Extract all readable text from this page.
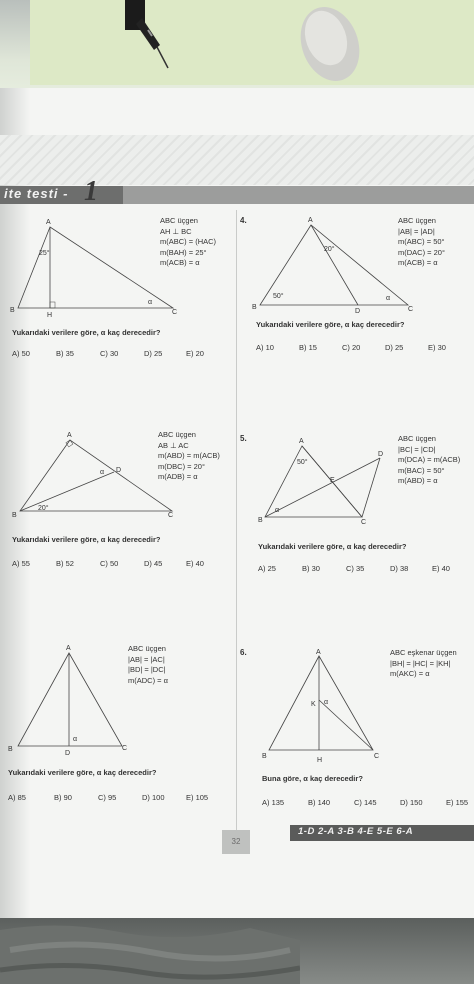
ite testi - 1
A
B	C
H
25°
α
ABC üçgen
AH ⊥ BC
m(ABC) = (HAC)
m(BAH) = 25°
m(ACB) = α
Yukarıdaki verilere göre, α kaç derecedir?
A) 50	B) 35	C) 30	D) 25	E) 20
4.	A
B	C
D
20°
50°	α
ABC üçgen
|AB| = |AD|
m(ABC) = 50°
m(DAC) = 20°
m(ACB) = α
Yukarıdaki verilere göre, α kaç derecedir?
A) 10	B) 15	C) 20	D) 25	E) 30
A
B	C
D
20°
α
ABC üçgen
AB ⊥ AC
m(ABD) = m(ACB)
m(DBC) = 20°
m(ADB) = α
Yukarıdaki verilere göre, α kaç derecedir?
A) 55	B) 52	C) 50	D) 45	E) 40
5.	A
B	C
D
E
50°
α
ABC üçgen
|BC| = |CD|
m(DCA) = m(ACB)
m(BAC) = 50°
m(ABD) = α
Yukarıdaki verilere göre, α kaç derecedir?
A) 25	B) 30	C) 35	D) 38	E) 40
A
B	C
D
α
ABC üçgen
|AB| = |AC|
|BD| = |DC|
m(ADC) = α
Yukarıdaki verilere göre, α kaç derecedir?
A) 85	B) 90	C) 95	D) 100	E) 105
6.	A
B	C
H
K α
ABC eşkenar üçgen
|BH| = |HC| = |KH|
m(AKC) = α
Buna göre, α kaç derecedir?
A) 135	B) 140	C) 145	D) 150	E) 155
32
1-D 2-A 3-B 4-E 5-E 6-A
